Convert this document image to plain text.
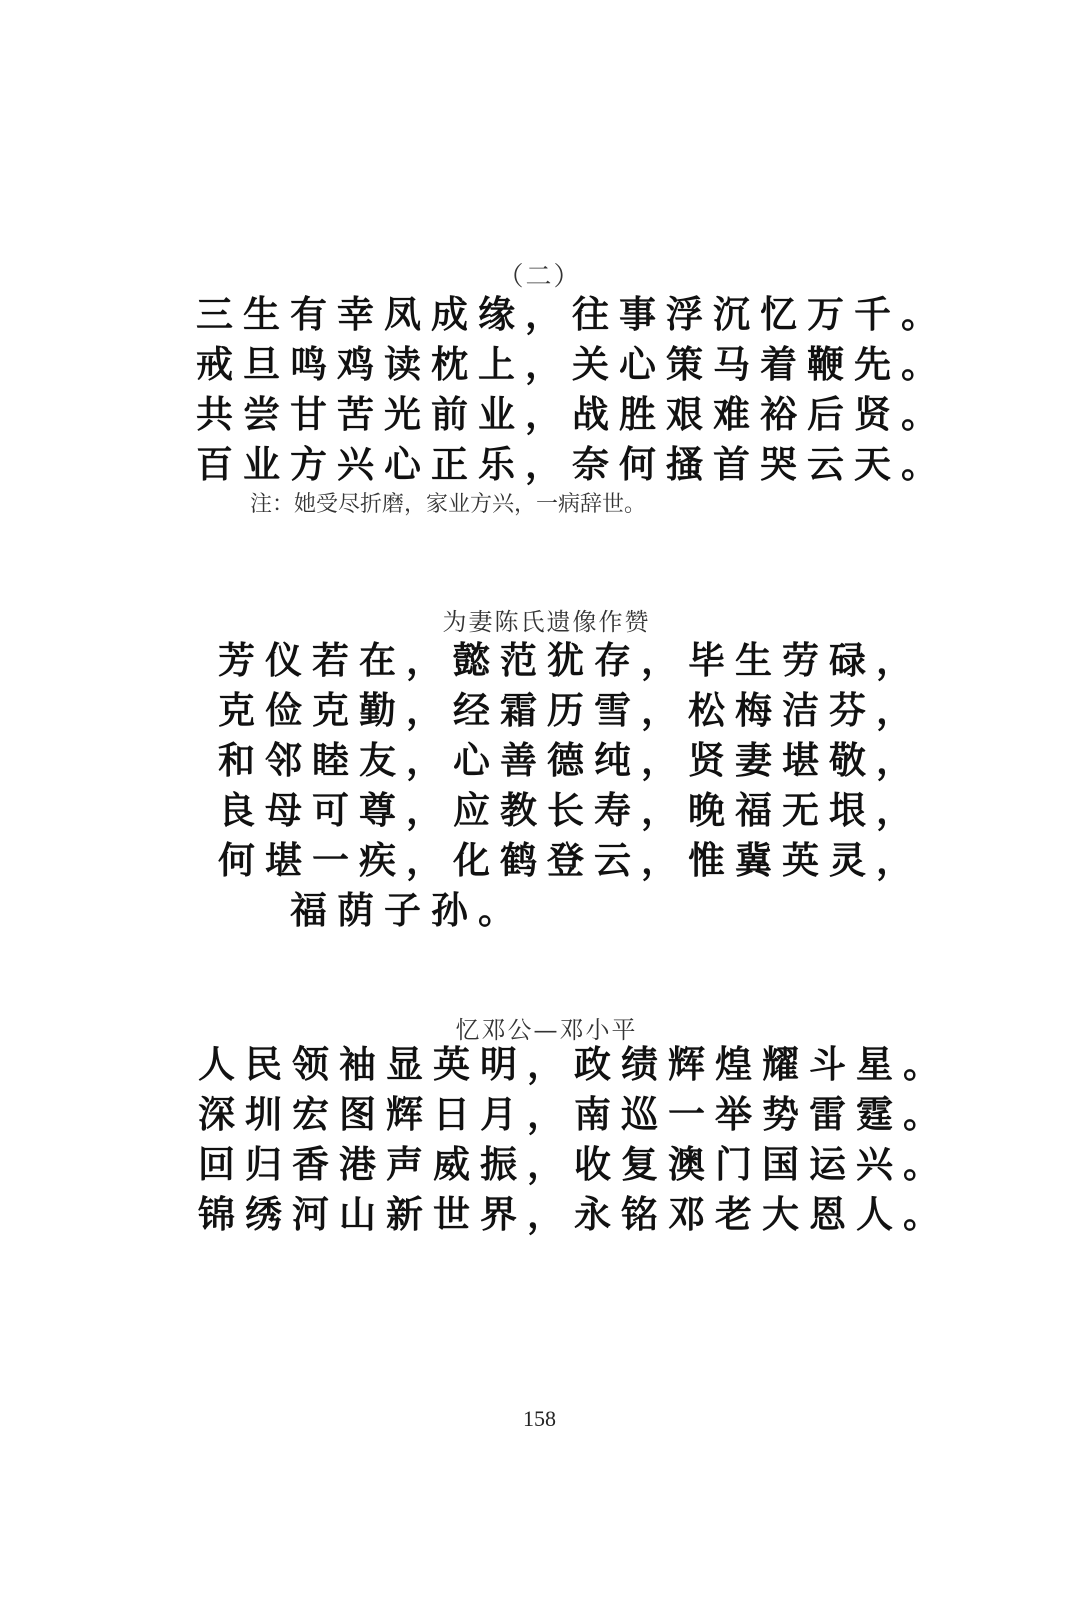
（二）
三生有幸凤成缘，往事浮沉忆万千。
戒旦鸣鸡读枕上，关心策马着鞭先。
共尝甘苦光前业，战胜艰难裕后贤。
百业方兴心正乐，奈何搔首哭云天。
注：她受尽折磨，家业方兴，一病辞世。
为妻陈氏遗像作赞
芳仪若在，懿范犹存，毕生劳碌，
克俭克勤，经霜历雪，松梅洁芬，
和邻睦友，心善德纯，贤妻堪敬，
良母可尊，应教长寿，晚福无垠，
何堪一疾，化鹤登云，惟冀英灵，
福荫子孙。
忆邓公—邓小平
人民领袖显英明，政绩辉煌耀斗星。
深圳宏图辉日月，南巡一举势雷霆。
回归香港声威振，收复澳门国运兴。
锦绣河山新世界，永铭邓老大恩人。
158
